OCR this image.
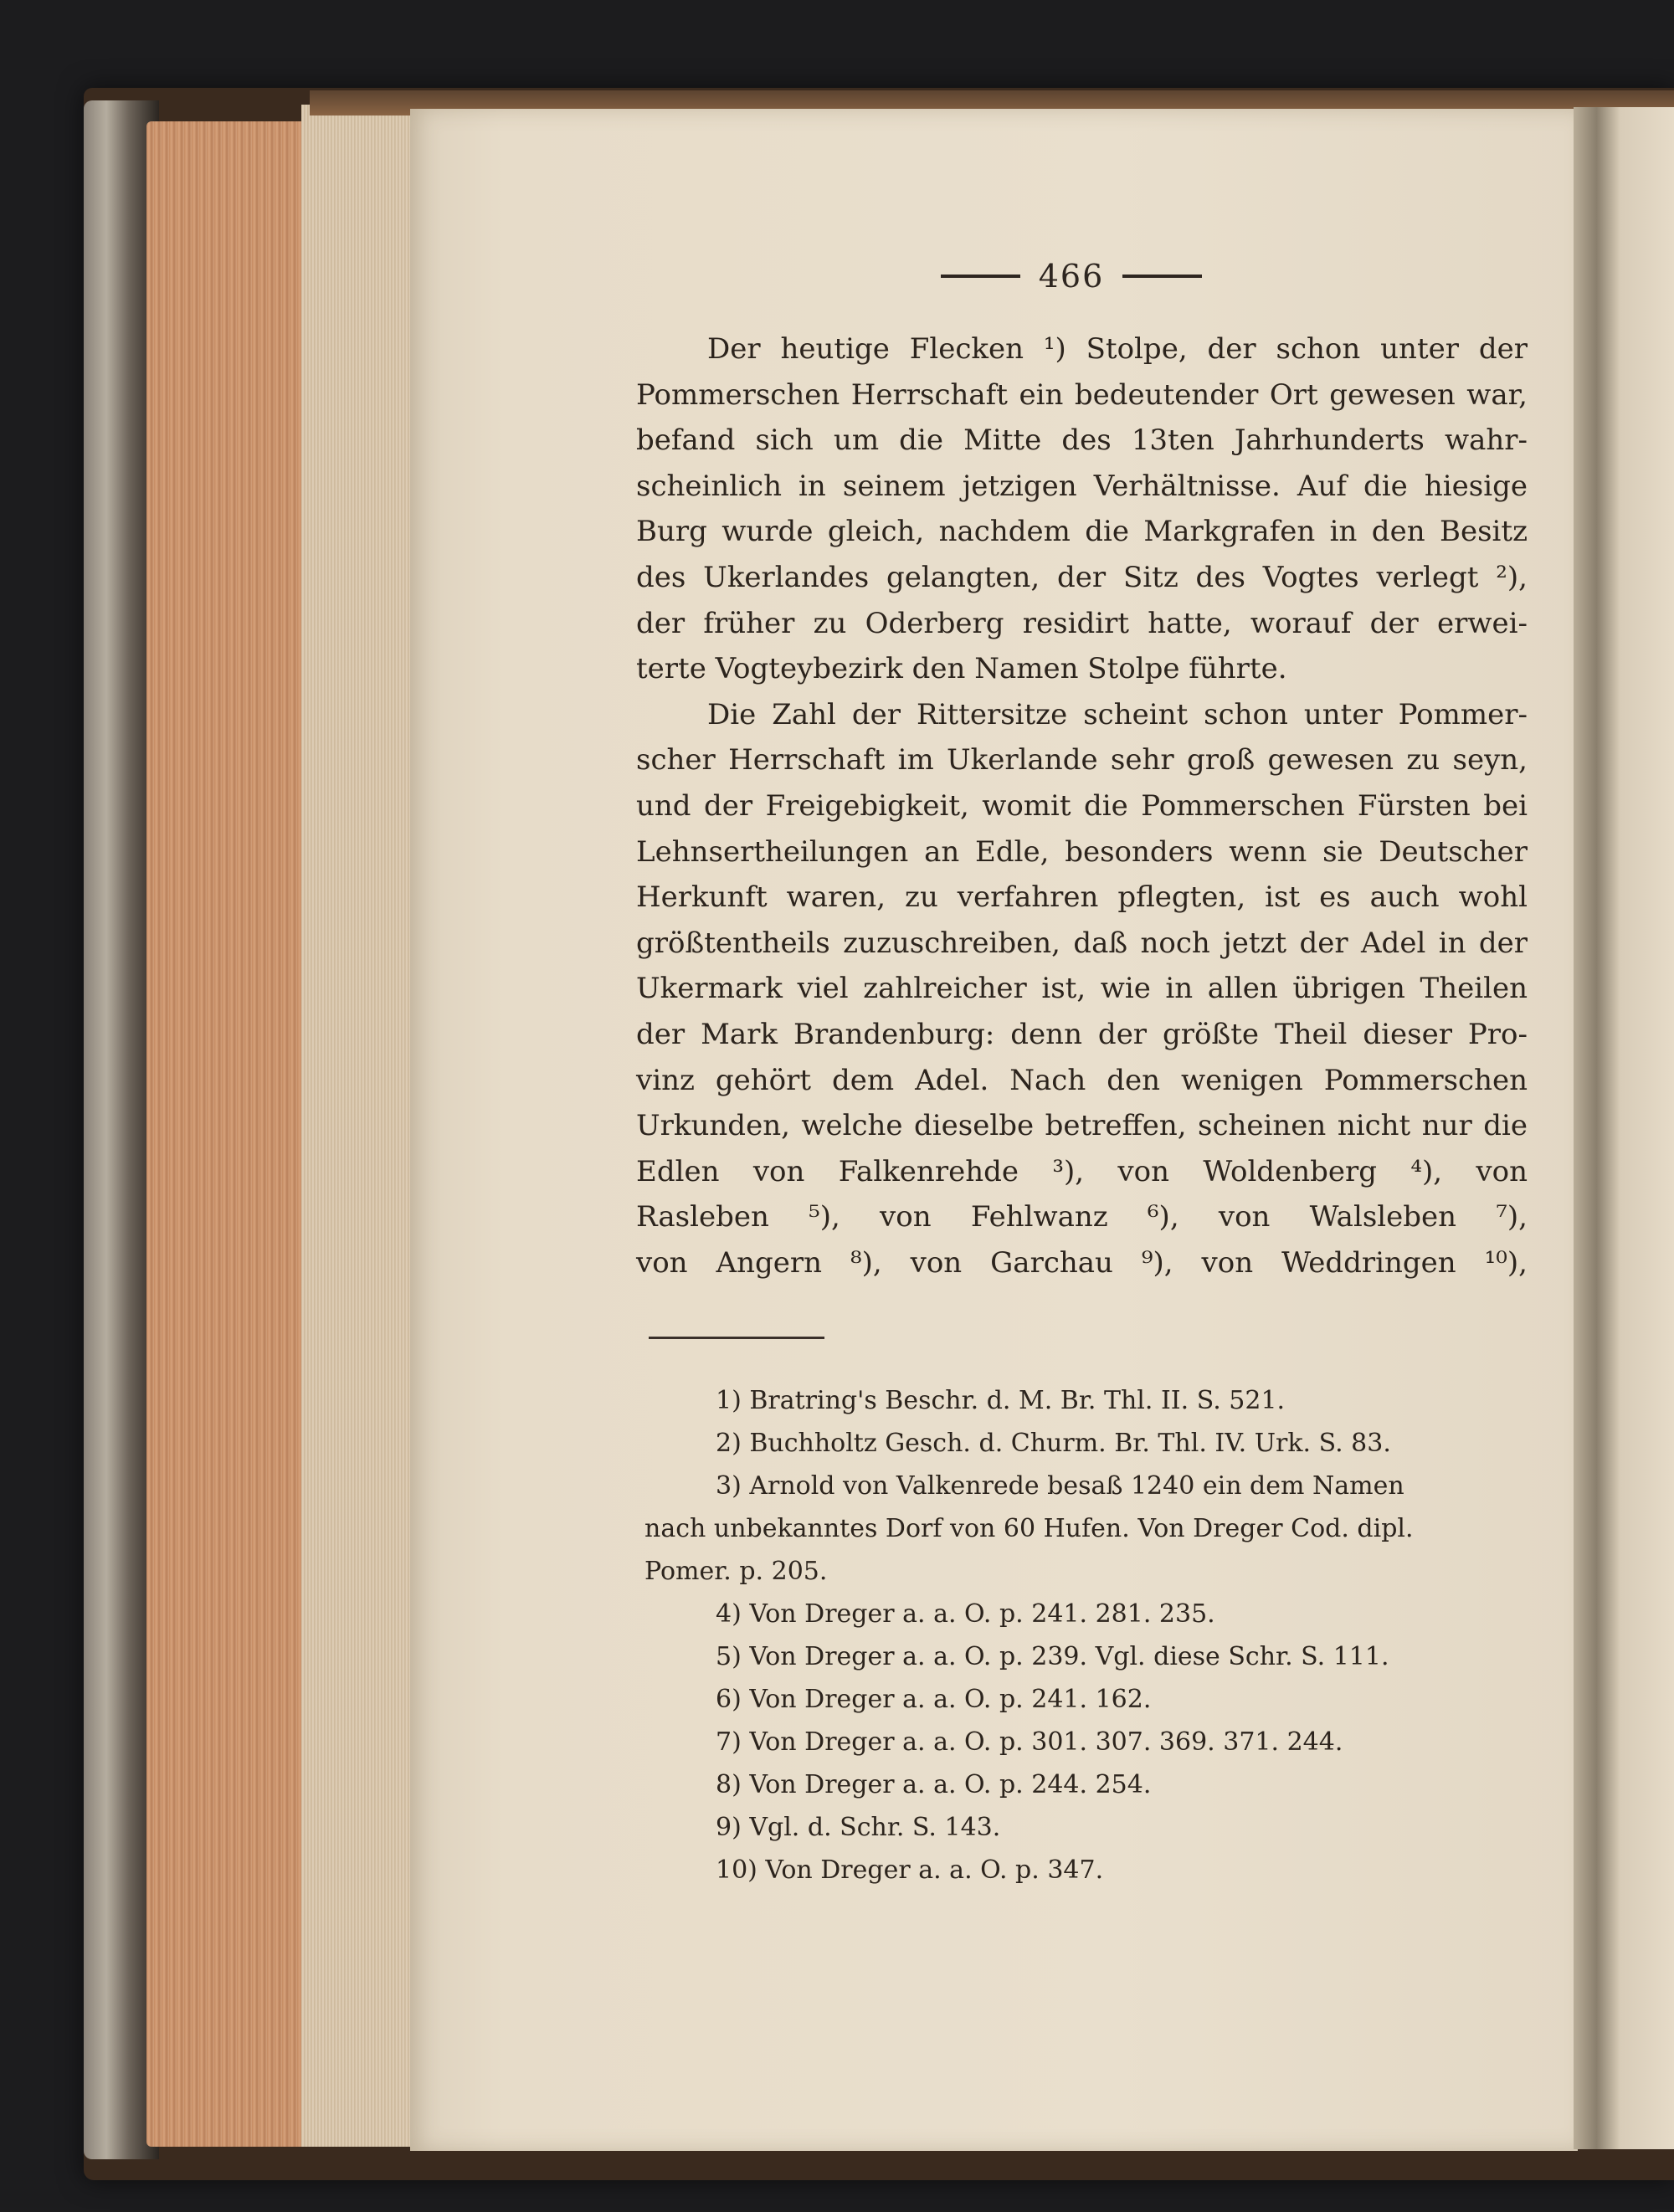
466
Der heutige Flecken ¹) Stolpe, der schon unter der
Pommerschen Herrschaft ein bedeutender Ort gewesen war,
befand sich um die Mitte des 13ten Jahrhunderts wahr-
scheinlich in seinem jetzigen Verhältnisse. Auf die hiesige
Burg wurde gleich, nachdem die Markgrafen in den Besitz
des Ukerlandes gelangten, der Sitz des Vogtes verlegt ²),
der früher zu Oderberg residirt hatte, worauf der erwei-
terte Vogteybezirk den Namen Stolpe führte.
Die Zahl der Rittersitze scheint schon unter Pommer-
scher Herrschaft im Ukerlande sehr groß gewesen zu seyn,
und der Freigebigkeit, womit die Pommerschen Fürsten bei
Lehnsertheilungen an Edle, besonders wenn sie Deutscher
Herkunft waren, zu verfahren pflegten, ist es auch wohl
größtentheils zuzuschreiben, daß noch jetzt der Adel in der
Ukermark viel zahlreicher ist, wie in allen übrigen Theilen
der Mark Brandenburg: denn der größte Theil dieser Pro-
vinz gehört dem Adel. Nach den wenigen Pommerschen
Urkunden, welche dieselbe betreffen, scheinen nicht nur die
Edlen von Falkenrehde ³), von Woldenberg ⁴), von
Rasleben ⁵), von Fehlwanz ⁶), von Walsleben ⁷),
von Angern ⁸), von Garchau ⁹), von Weddringen ¹⁰),
1) Bratring's Beschr. d. M. Br. Thl. II. S. 521.
2) Buchholtz Gesch. d. Churm. Br. Thl. IV. Urk. S. 83.
3) Arnold von Valkenrede besaß 1240 ein dem Namen
nach unbekanntes Dorf von 60 Hufen. Von Dreger Cod. dipl.
Pomer. p. 205.
4) Von Dreger a. a. O. p. 241. 281. 235.
5) Von Dreger a. a. O. p. 239. Vgl. diese Schr. S. 111.
6) Von Dreger a. a. O. p. 241. 162.
7) Von Dreger a. a. O. p. 301. 307. 369. 371. 244.
8) Von Dreger a. a. O. p. 244. 254.
9) Vgl. d. Schr. S. 143.
10) Von Dreger a. a. O. p. 347.
